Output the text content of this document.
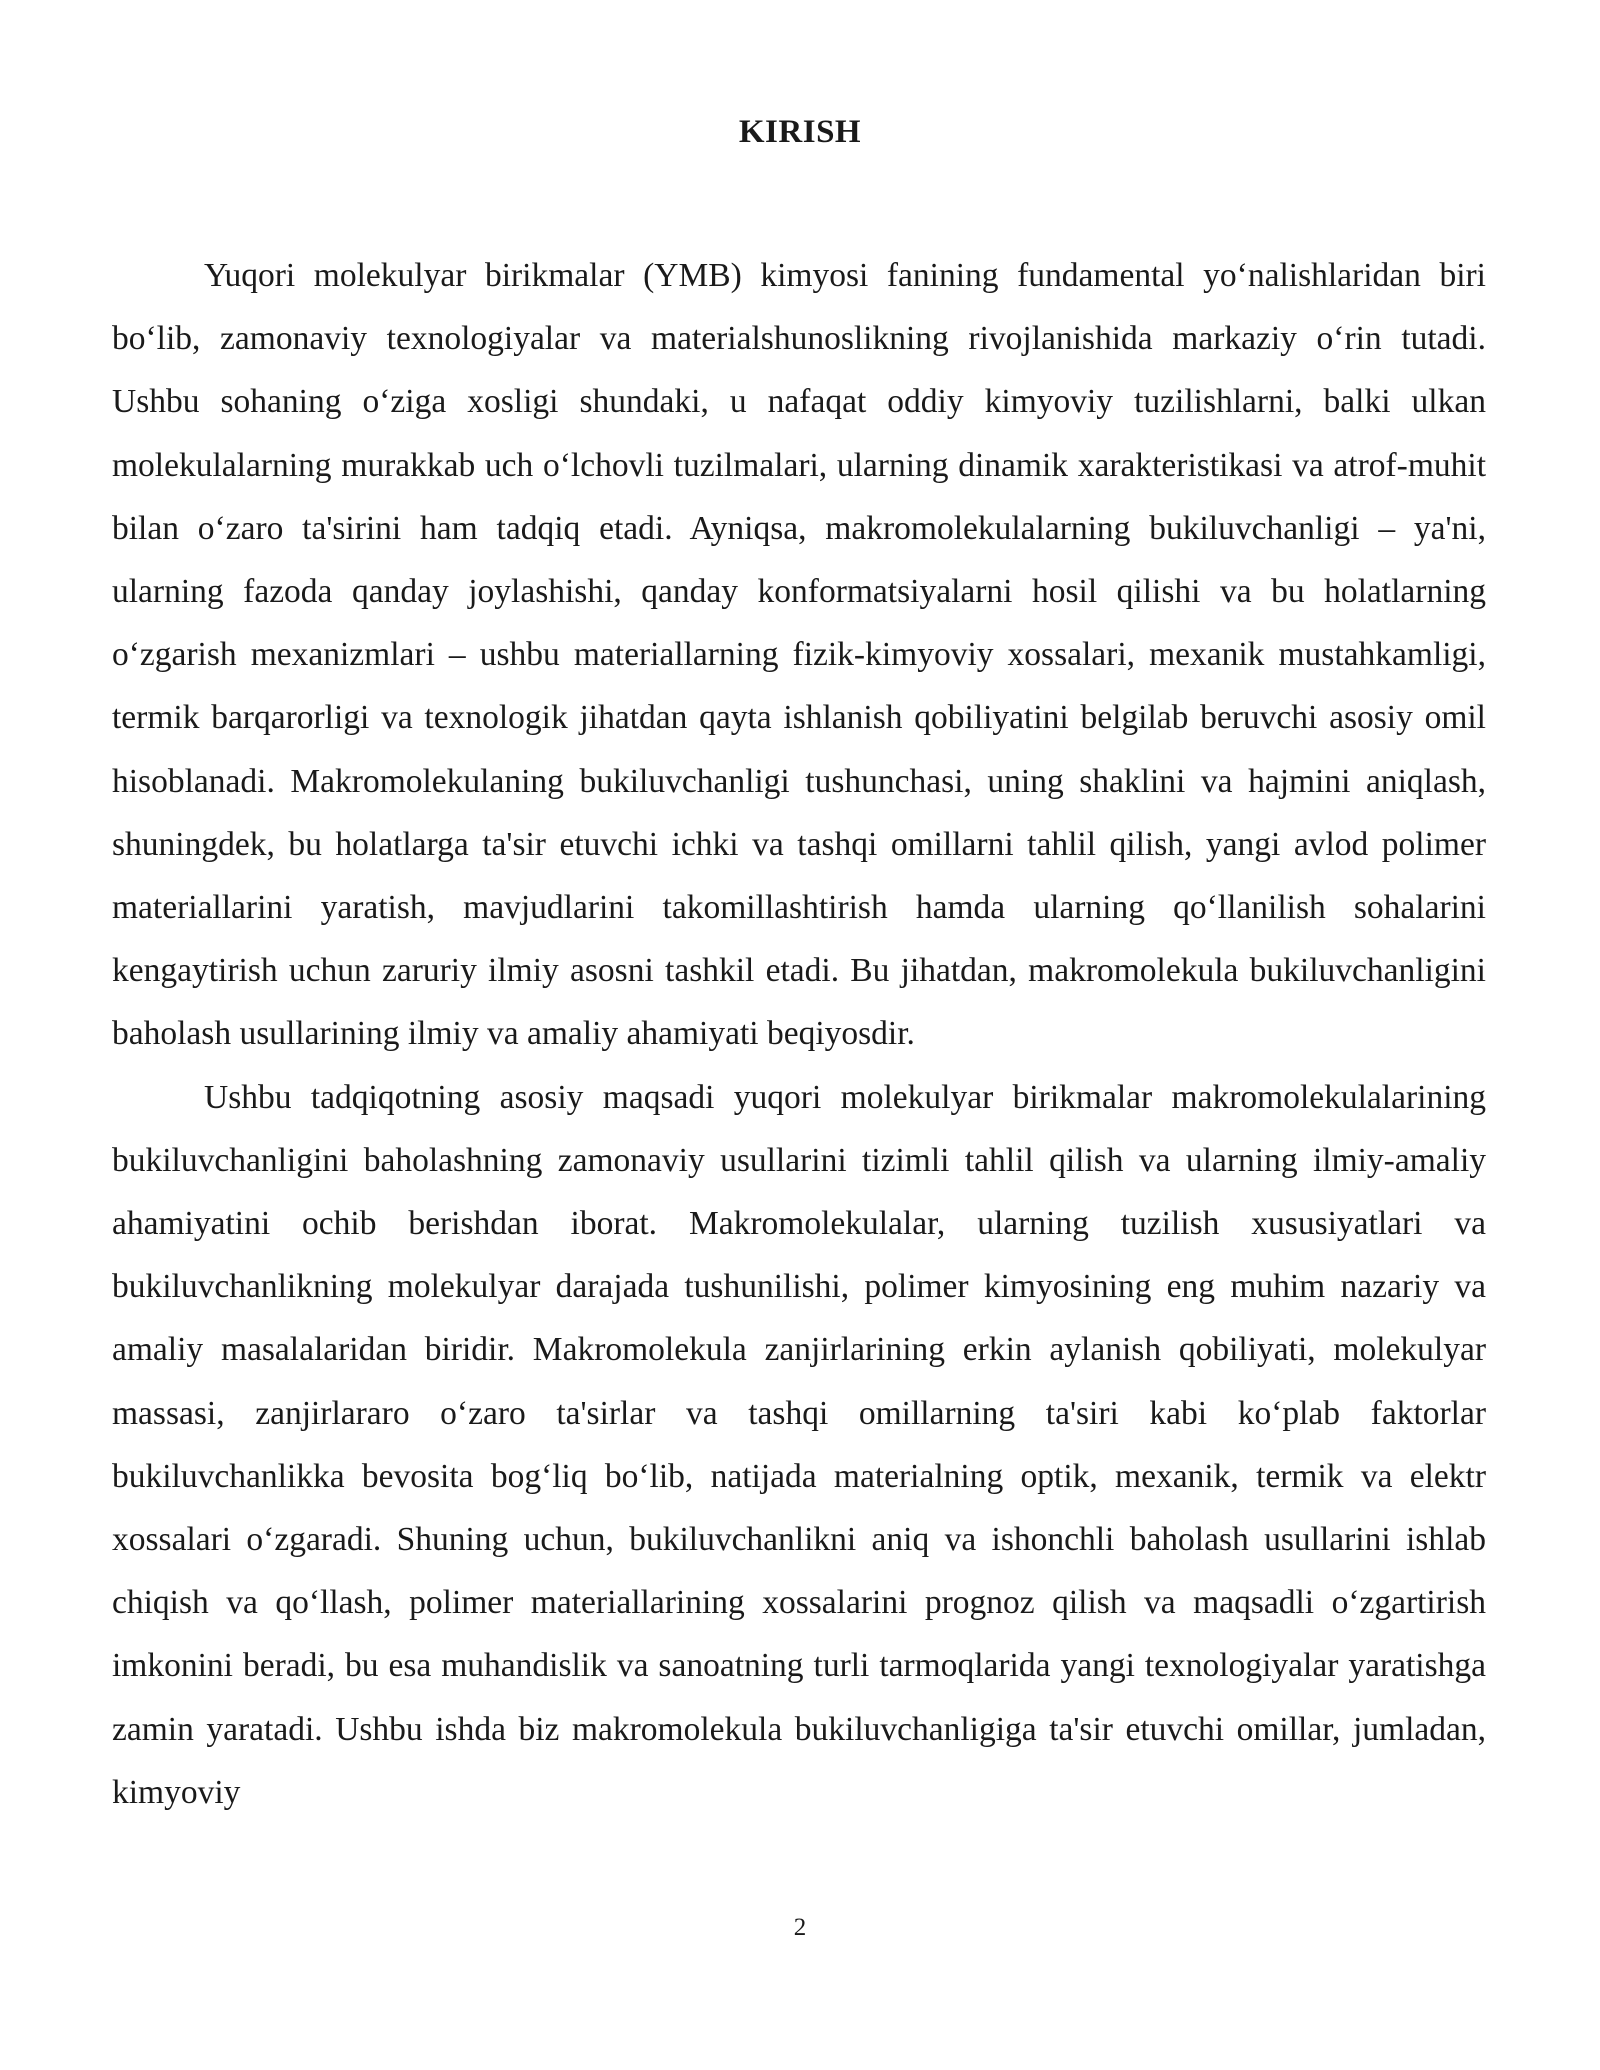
KIRISH

Yuqori molekulyar birikmalar (YMB) kimyosi fanining fundamental yo‘nalishlaridan biri bo‘lib, zamonaviy texnologiyalar va materialshunoslikning rivojlanishida markaziy o‘rin tutadi. Ushbu sohaning o‘ziga xosligi shundaki, u nafaqat oddiy kimyoviy tuzilishlarni, balki ulkan molekulalarning murakkab uch o‘lchovli tuzilmalari, ularning dinamik xarakteristikasi va atrof-muhit bilan o‘zaro ta'sirini ham tadqiq etadi. Ayniqsa, makromolekulalarning bukiluvchanligi – ya'ni, ularning fazoda qanday joylashishi, qanday konformatsiyalarni hosil qilishi va bu holatlarning o‘zgarish mexanizmlari – ushbu materiallarning fizik-kimyoviy xossalari, mexanik mustahkamligi, termik barqarorligi va texnologik jihatdan qayta ishlanish qobiliyatini belgilab beruvchi asosiy omil hisoblanadi. Makromolekulaning bukiluvchanligi tushunchasi, uning shaklini va hajmini aniqlash, shuningdek, bu holatlarga ta'sir etuvchi ichki va tashqi omillarni tahlil qilish, yangi avlod polimer materiallarini yaratish, mavjudlarini takomillashtirish hamda ularning qo‘llanilish sohalarini kengaytirish uchun zaruriy ilmiy asosni tashkil etadi. Bu jihatdan, makromolekula bukiluvchanligini baholash usullarining ilmiy va amaliy ahamiyati beqiyosdir.

Ushbu tadqiqotning asosiy maqsadi yuqori molekulyar birikmalar makromolekulalarining bukiluvchanligini baholashning zamonaviy usullarini tizimli tahlil qilish va ularning ilmiy-amaliy ahamiyatini ochib berishdan iborat. Makromolekulalar, ularning tuzilish xususiyatlari va bukiluvchanlikning molekulyar darajada tushunilishi, polimer kimyosining eng muhim nazariy va amaliy masalalaridan biridir. Makromolekula zanjirlarining erkin aylanish qobiliyati, molekulyar massasi, zanjirlararo o‘zaro ta'sirlar va tashqi omillarning ta'siri kabi ko‘plab faktorlar bukiluvchanlikka bevosita bog‘liq bo‘lib, natijada materialning optik, mexanik, termik va elektr xossalari o‘zgaradi. Shuning uchun, bukiluvchanlikni aniq va ishonchli baholash usullarini ishlab chiqish va qo‘llash, polimer materiallarining xossalarini prognoz qilish va maqsadli o‘zgartirish imkonini beradi, bu esa muhandislik va sanoatning turli tarmoqlarida yangi texnologiyalar yaratishga zamin yaratadi. Ushbu ishda biz makromolekula bukiluvchanligiga ta'sir etuvchi omillar, jumladan, kimyoviy

2
